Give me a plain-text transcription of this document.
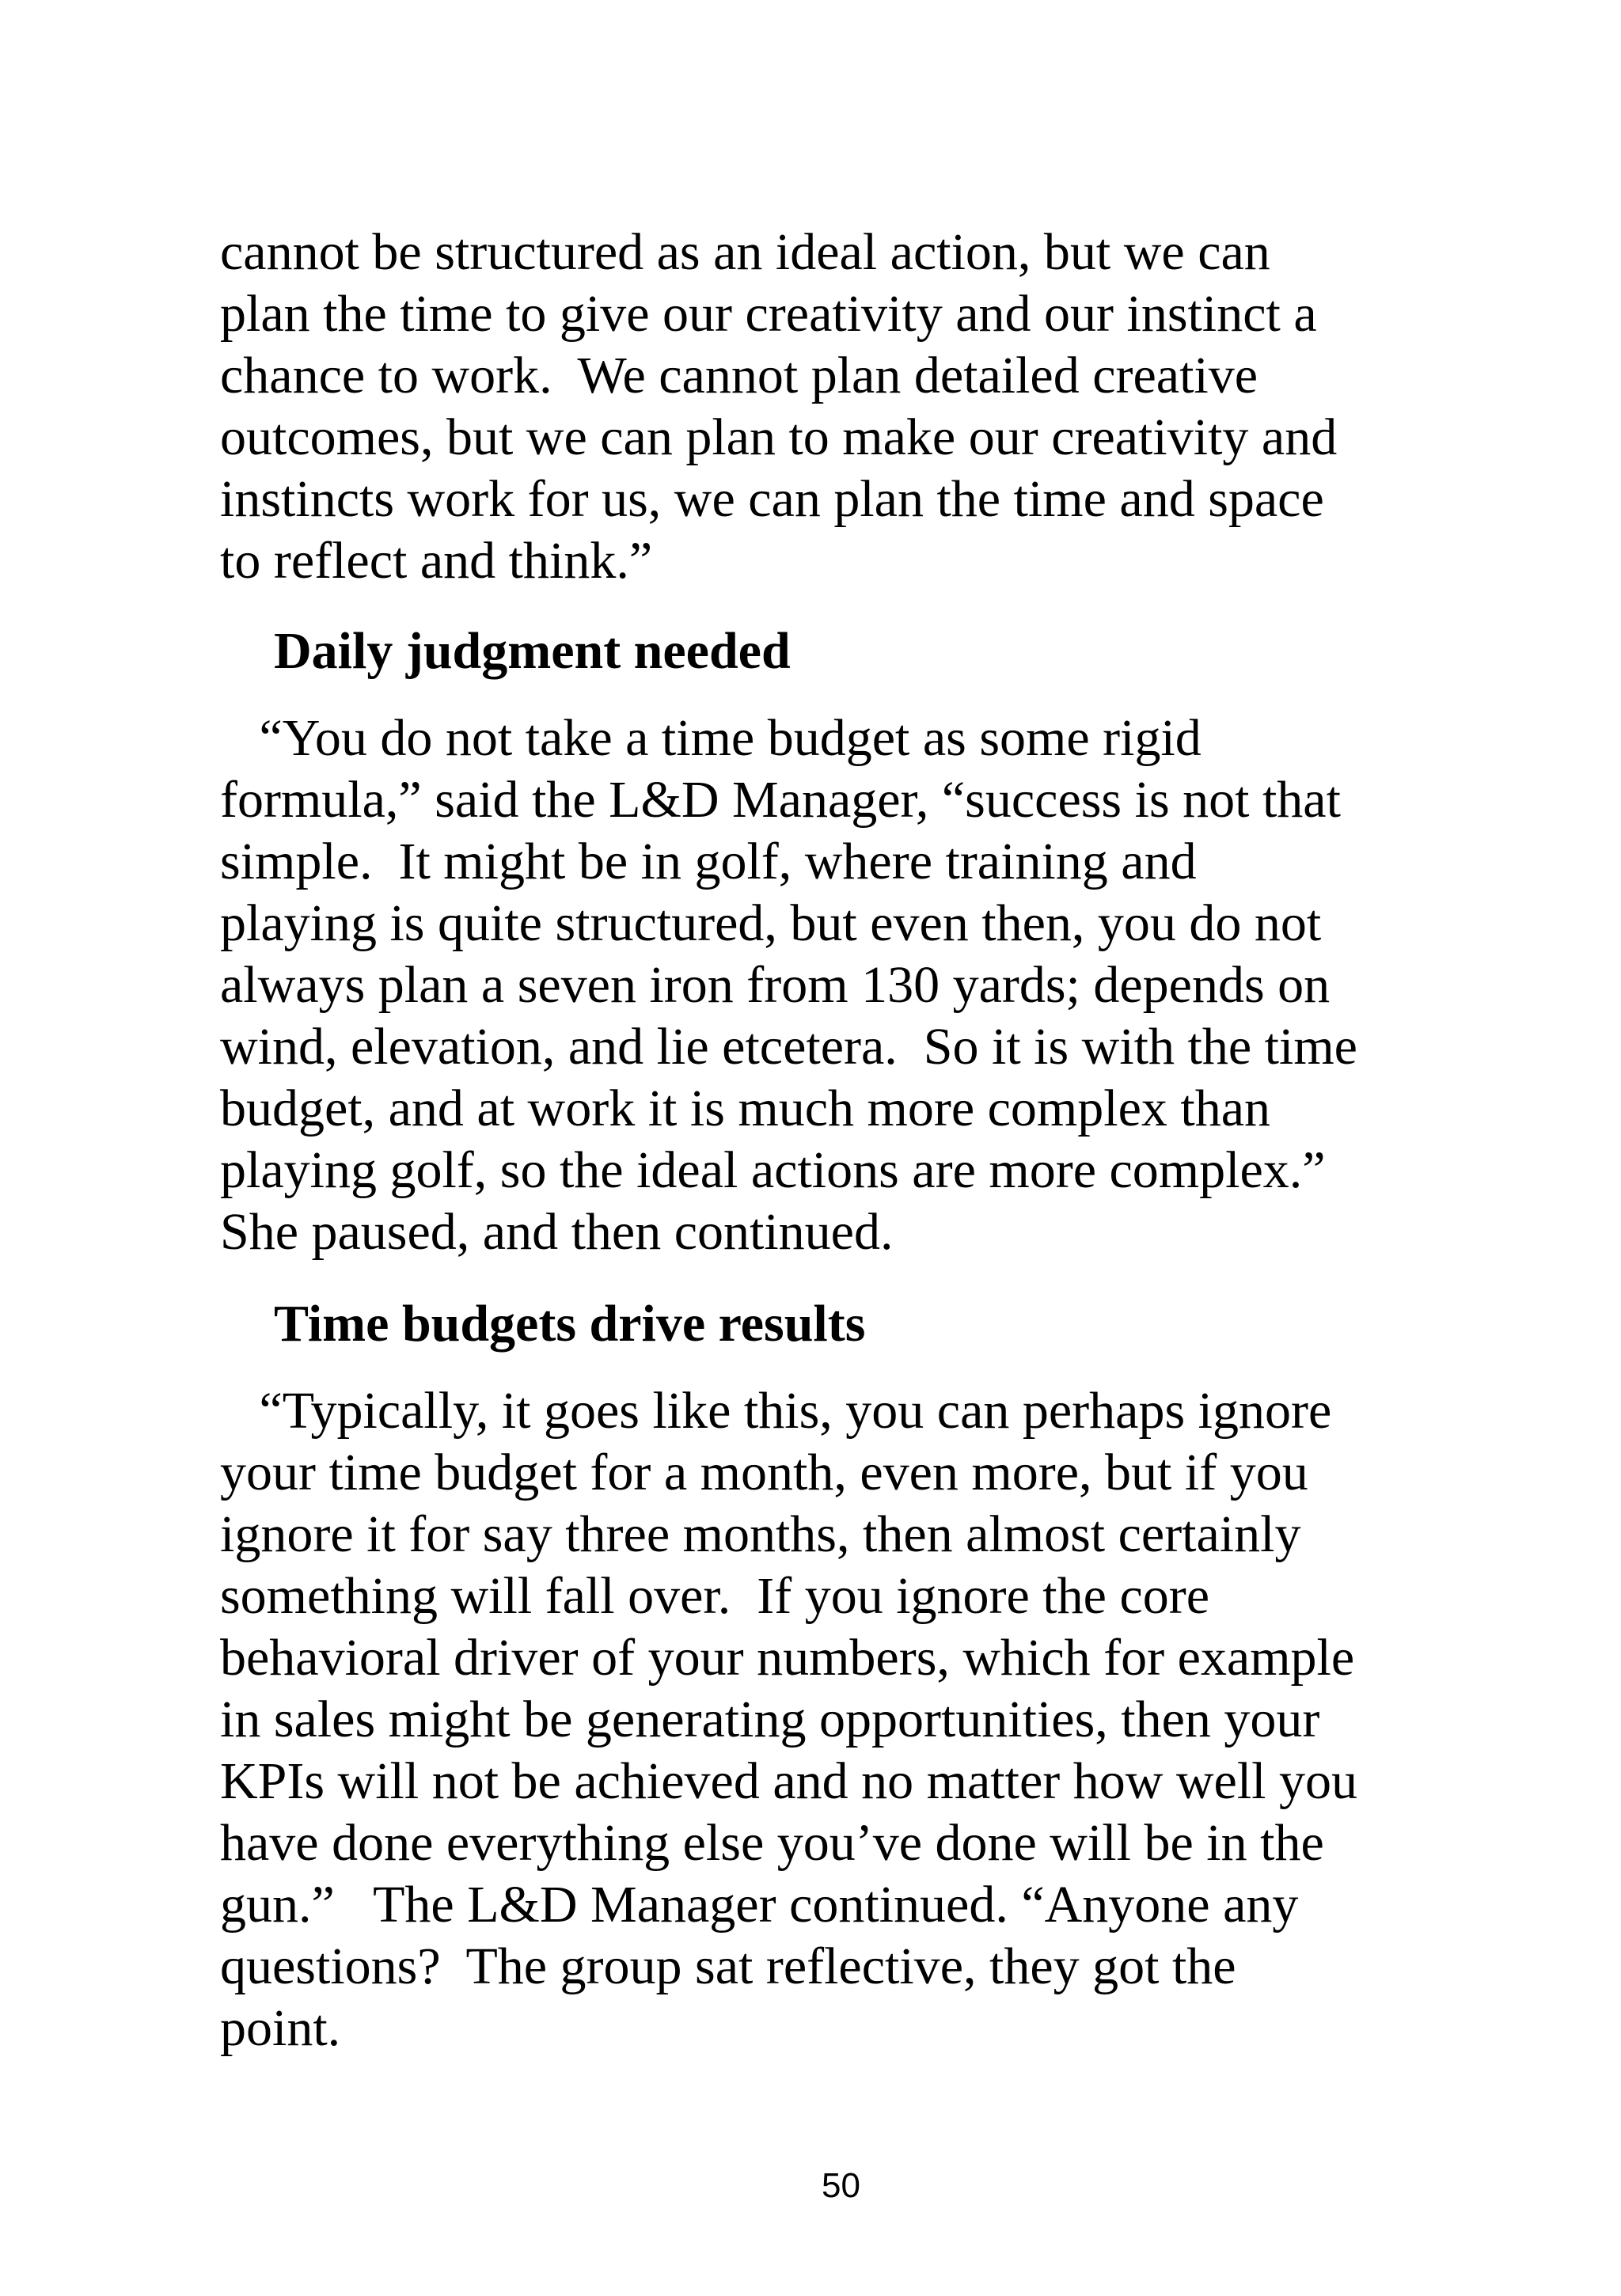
cannot be structured as an ideal action, but we can
plan the time to give our creativity and our instinct a
chance to work.  We cannot plan detailed creative
outcomes, but we can plan to make our creativity and
instincts work for us, we can plan the time and space
to reflect and think.”
Daily judgment needed
“You do not take a time budget as some rigid
formula,” said the L&D Manager, “success is not that
simple.  It might be in golf, where training and
playing is quite structured, but even then, you do not
always plan a seven iron from 130 yards; depends on
wind, elevation, and lie etcetera.  So it is with the time
budget, and at work it is much more complex than
playing golf, so the ideal actions are more complex.”
She paused, and then continued.
Time budgets drive results
“Typically, it goes like this, you can perhaps ignore
your time budget for a month, even more, but if you
ignore it for say three months, then almost certainly
something will fall over.  If you ignore the core
behavioral driver of your numbers, which for example
in sales might be generating opportunities, then your
KPIs will not be achieved and no matter how well you
have done everything else you’ve done will be in the
gun.”   The L&D Manager continued. “Anyone any
questions?  The group sat reflective, they got the
point.
50
